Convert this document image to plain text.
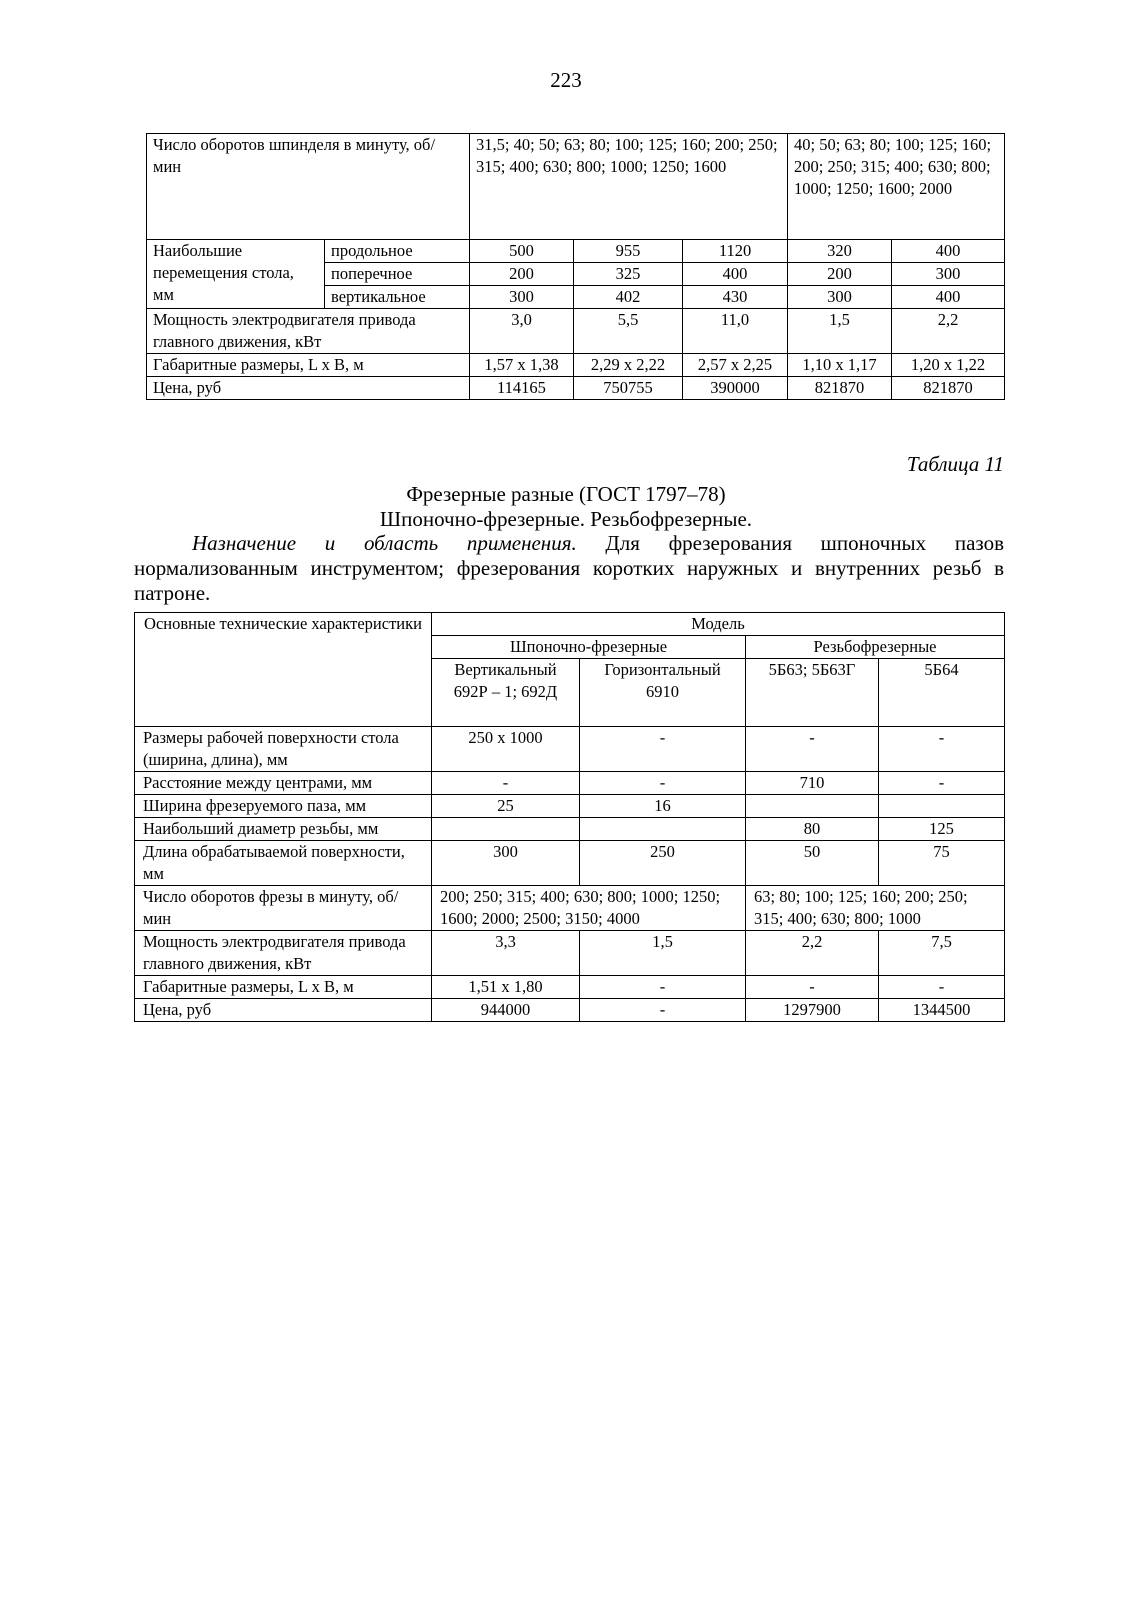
223
Число оборотов шпинделя в минуту, об/мин		31,5; 40; 50; 63; 80; 100; 125; 160; 200; 250; 315; 400; 630; 800; 1000; 1250; 1600			40; 50; 63; 80; 100; 125; 160; 200; 250; 315; 400; 630; 800; 1000; 1250; 1600; 2000	
Наибольшие перемещения стола, мм	продольное	500	955	1120	320	400
	поперечное	200	325	400	200	300
	вертикальное	300	402	430	300	400
Мощность электродвигателя привода главного движения, кВт		3,0	5,5	11,0	1,5	2,2
Габаритные размеры, L x B, м		1,57 x 1,38	2,29 x 2,22	2,57 x 2,25	1,10 x 1,17	1,20 x 1,22
Цена, руб		114165	750755	390000	821870	821870
Таблица 11
Фрезерные разные (ГОСТ 1797–78)
Шпоночно-фрезерные. Резьбофрезерные.

Назначение и область применения. Для фрезерования шпоночных пазов нормализованным инструментом; фрезерования коротких наружных и внутренних резьб в патроне.

Основные технические характеристики	Модель			
	Шпоночно-фрезерные		Резьбофрезерные	
	Вертикальный 692Р – 1; 692Д	Горизонтальный 6910	5Б63; 5Б63Г	5Б64
Размеры рабочей поверхности стола (ширина, длина), мм	250 x 1000	-	-	-
Расстояние между центрами, мм	-	-	710	-
Ширина фрезеруемого паза, мм	25	16		
Наибольший диаметр резьбы, мм			80	125
Длина обрабатываемой поверхности, мм	300	250	50	75
Число оборотов фрезы в минуту, об/мин	200; 250; 315; 400; 630; 800; 1000; 1250; 1600; 2000; 2500; 3150; 4000		63; 80; 100; 125; 160; 200; 250; 315; 400; 630; 800; 1000	
Мощность электродвигателя привода главного движения, кВт	3,3	1,5	2,2	7,5
Габаритные размеры, L x B, м	1,51 x 1,80	-	-	-
Цена, руб	944000	-	1297900	1344500
